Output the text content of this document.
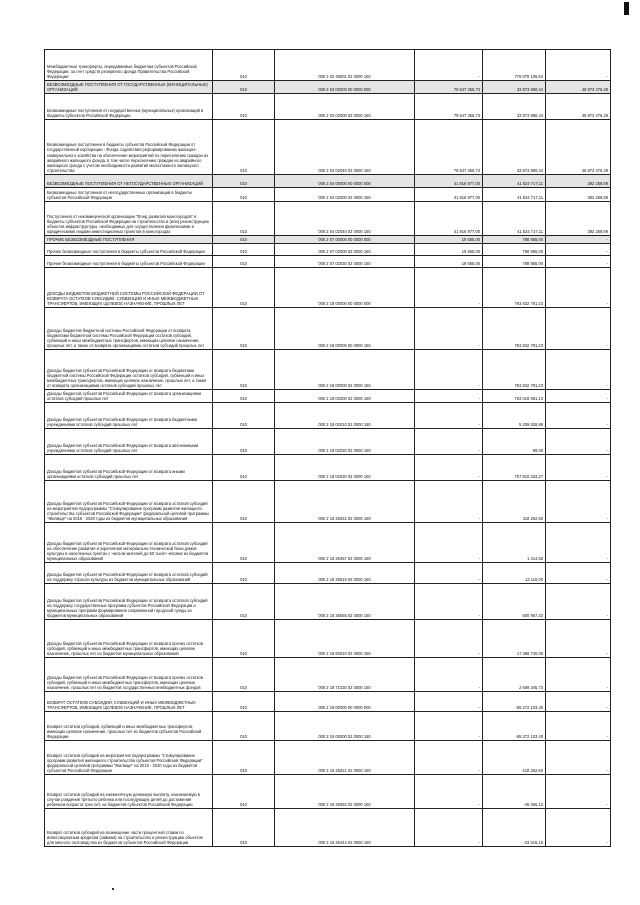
Межбюджетные трансферты, передаваемые бюджетам субъектов Российской Федерации, за счет средств резервного фонда Правительства Российской Федерации	010	000 2 02 49001 02 0000 150	-	776 079 106,84	-

БЕЗВОЗМЕЗДНЫЕ ПОСТУПЛЕНИЯ ОТ ГОСУДАРСТВЕННЫХ (МУНИЦИПАЛЬНЫХ) ОРГАНИЗАЦИЙ	010	000 2 03 00000 00 0000 000	79 547 356,73	33 873 880,44	45 973 476,29

Безвозмездные поступления от государственных (муниципальных) организаций в бюджеты субъектов Российской Федерации	010	000 2 03 02000 02 0000 150	79 547 356,73	33 873 880,44	45 973 476,29

Безвозмездные поступления в бюджеты субъектов Российской Федерации от государственной корпорации - Фонда содействия реформированию жилищно-коммунального хозяйства на обеспечение мероприятий по переселению граждан из аварийного жилищного фонда, в том числе переселению граждан из аварийного жилищного фонда с учетом необходимости развития малоэтажного жилищного строительства	010	000 2 03 02040 02 0000 150	79 547 356,73	33 873 880,44	45 973 476,29

БЕЗВОЗМЕЗДНЫЕ ПОСТУПЛЕНИЯ ОТ НЕГОСУДАРСТВЕННЫХ ОРГАНИЗАЦИЙ	010	000 2 04 00000 00 0000 000	41 916 977,00	41 524 717,11	392 259,89

Безвозмездные поступления от негосударственных организаций в бюджеты субъектов Российской Федерации	010	000 2 04 02000 02 0000 150	41 916 977,00	41 524 717,11	392 259,89

Поступления от некоммерческой организации "Фонд развития моногородов" в бюджеты субъектов Российской Федерации на строительство и (или) реконструкцию объектов инфраструктуры, необходимых для осуществления физическими и юридическими лицами инвестиционных проектов в моногородах	010	000 2 04 02040 02 0000 150	41 916 977,00	41 524 717,11	392 259,89

ПРОЧИЕ БЕЗВОЗМЕЗДНЫЕ ПОСТУПЛЕНИЯ	010	000 2 07 00000 00 0000 000	19 555,00	788 955,00	-

Прочие безвозмездные поступления в бюджеты субъектов Российской Федерации	010	000 2 07 02000 02 0000 150	19 555,00	788 955,00	-

Прочие безвозмездные поступления в бюджеты субъектов Российской Федерации	010	000 2 07 02030 02 0000 150	19 555,00	788 955,00	-

ДОХОДЫ БЮДЖЕТОВ БЮДЖЕТНОЙ СИСТЕМЫ РОССИЙСКОЙ ФЕДЕРАЦИИ ОТ ВОЗВРАТА ОСТАТКОВ СУБСИДИЙ, СУБВЕНЦИЙ И ИНЫХ МЕЖБЮДЖЕТНЫХ ТРАНСФЕРТОВ, ИМЕЮЩИХ ЦЕЛЕВОЕ НАЗНАЧЕНИЕ, ПРОШЛЫХ ЛЕТ	010	000 2 18 00000 00 0000 000	-	793 832 791,23	-

Доходы бюджетов бюджетной системы Российской Федерации от возврата бюджетами бюджетной системы Российской Федерации остатков субсидий, субвенций и иных межбюджетных трансфертов, имеющих целевое назначение, прошлых лет, а также от возврата организациями остатков субсидий прошлых лет	010	000 2 18 00000 00 0000 150	-	793 832 791,23	-

Доходы бюджетов субъектов Российской Федерации от возврата бюджетами бюджетной системы Российской Федерации остатков субсидий, субвенций и иных межбюджетных трансфертов, имеющих целевое назначение, прошлых лет, а также от возврата организациями остатков субсидий прошлых лет	010	000 2 18 00000 02 0000 150	-	793 832 791,23	-

Доходы бюджетов субъектов Российской Федерации от возврата организациями остатков субсидий прошлых лет	010	000 2 18 02000 02 0000 150	-	763 019 951,13	-

Доходы бюджетов субъектов Российской Федерации от возврата бюджетными учреждениями остатков субсидий прошлых лет	010	000 2 18 02010 02 0000 150	-	5 209 528,86	-

Доходы бюджетов субъектов Российской Федерации от возврата автономными учреждениями остатков субсидий прошлых лет	010	000 2 18 02020 02 0000 150	-	89,00	-

Доходы бюджетов субъектов Российской Федерации от возврата иными организациями остатков субсидий прошлых лет	010	000 2 18 02030 02 0000 150	-	757 810 333,27	-

Доходы бюджетов субъектов Российской Федерации от возврата остатков субсидий на мероприятия подпрограммы "Стимулирование программ развития жилищного строительства субъектов Российской Федерации" федеральной целевой программы "Жилище" на 2015 - 2020 годы из бюджетов муниципальных образований	010	000 2 18 25021 02 0000 150	-	118 262,60	-

Доходы бюджетов субъектов Российской Федерации от возврата остатков субсидий на обеспечение развития и укрепления материально-технической базы домов культуры в населенных пунктах с числом жителей до 50 тысяч человек из бюджетов муниципальных образований	010	000 2 18 25467 02 0000 150	-	1 414,56	-

Доходы бюджетов субъектов Российской Федерации от возврата остатков субсидий на поддержку отрасли культуры из бюджетов муниципальных образований	010	000 2 18 25519 02 0000 150	-	13 110,00	-

Доходы бюджетов субъектов Российской Федерации от возврата остатков субсидий на поддержку государственных программ субъектов Российской Федерации и муниципальных программ формирования современной городской среды из бюджетов муниципальных образований	010	000 2 18 25555 02 0000 150	-	500 967,33	-

Доходы бюджетов субъектов Российской Федерации от возврата прочих остатков субсидий, субвенций и иных межбюджетных трансфертов, имеющих целевое назначение, прошлых лет из бюджетов муниципальных образований	010	000 2 18 60010 02 0000 150	-	17 489 740,06	-

Доходы бюджетов субъектов Российской Федерации от возврата прочих остатков субсидий, субвенций и иных межбюджетных трансфертов, имеющих целевое назначение, прошлых лет из бюджетов государственных внебюджетных фондов	010	000 2 18 71030 02 0000 150	-	2 669 345,73	-

ВОЗВРАТ ОСТАТКОВ СУБСИДИЙ, СУБВЕНЦИЙ И ИНЫХ МЕЖБЮДЖЕТНЫХ ТРАНСФЕРТОВ, ИМЕЮЩИХ ЦЕЛЕВОЕ НАЗНАЧЕНИЕ, ПРОШЛЫХ ЛЕТ	010	000 2 19 00000 00 0000 000	-	-55 272 103,40	-

Возврат остатков субсидий, субвенций и иных межбюджетных трансфертов, имеющих целевое назначение, прошлых лет из бюджетов субъектов Российской Федерации	010	000 2 19 00000 02 0000 150	-	-55 272 103,40	-

Возврат остатков субсидий на мероприятия подпрограммы "Стимулирование программ развития жилищного строительства субъектов Российской Федерации" федеральной целевой программы "Жилище" на 2015 - 2020 годы из бюджетов субъектов Российской Федерации	010	000 2 19 25021 02 0000 150	-	-118 262,60	-

Возврат остатков субсидий на ежемесячную денежную выплату, назначаемую в случае рождения третьего ребенка или последующих детей до достижения ребенком возраста трех лет, из бюджетов субъектов Российской Федерации	010	000 2 19 25084 02 0000 150	-	-45 356,12	-

Возврат остатков субсидий на возмещение части процентной ставки по инвестиционным кредитам (займам) на строительство и реконструкцию объектов для мясного скотоводства из бюджетов субъектов Российской Федерации	010	000 2 19 25444 02 0000 150	-	-33 516,15	-
